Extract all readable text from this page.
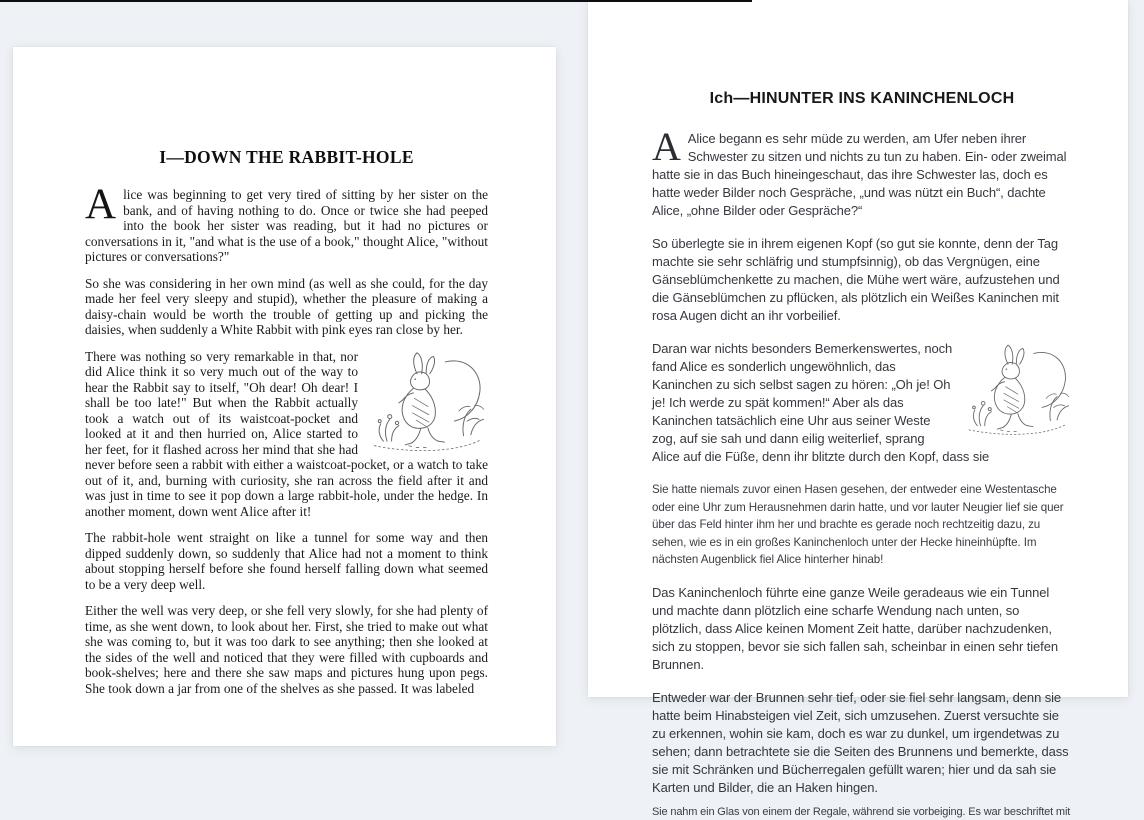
I—DOWN THE RABBIT-HOLE

Alice was beginning to get very tired of sitting by her sister on the bank, and of having nothing to do. Once or twice she had peeped into the book her sister was reading, but it had no pictures or conversations in it, "and what is the use of a book," thought Alice, "without pictures or conversations?"

So she was considering in her own mind (as well as she could, for the day made her feel very sleepy and stupid), whether the pleasure of making a daisy-chain would be worth the trouble of getting up and picking the daisies, when suddenly a White Rabbit with pink eyes ran close by her.

There was nothing so very remarkable in that, nor did Alice think it so very much out of the way to hear the Rabbit say to itself, "Oh dear! Oh dear! I shall be too late!" But when the Rabbit actually took a watch out of its waistcoat-pocket and looked at it and then hurried on, Alice started to her feet, for it flashed across her mind that she had never before seen a rabbit with either a waistcoat-pocket, or a watch to take out of it, and, burning with curiosity, she ran across the field after it and was just in time to see it pop down a large rabbit-hole, under the hedge. In another moment, down went Alice after it!

The rabbit-hole went straight on like a tunnel for some way and then dipped suddenly down, so suddenly that Alice had not a moment to think about stopping herself before she found herself falling down what seemed to be a very deep well.

Either the well was very deep, or she fell very slowly, for she had plenty of time, as she went down, to look about her. First, she tried to make out what she was coming to, but it was too dark to see anything; then she looked at the sides of the well and noticed that they were filled with cupboards and book-shelves; here and there she saw maps and pictures hung upon pegs. She took down a jar from one of the shelves as she passed. It was labeled

Ich—HINUNTER INS KANINCHENLOCH

A Alice begann es sehr müde zu werden, am Ufer neben ihrer Schwester zu sitzen und nichts zu tun zu haben. Ein- oder zweimal hatte sie in das Buch hineingeschaut, das ihre Schwester las, doch es hatte weder Bilder noch Gespräche, „und was nützt ein Buch“, dachte Alice, „ohne Bilder oder Gespräche?“

So überlegte sie in ihrem eigenen Kopf (so gut sie konnte, denn der Tag machte sie sehr schläfrig und stumpfsinnig), ob das Vergnügen, eine Gänseblümchenkette zu machen, die Mühe wert wäre, aufzustehen und die Gänseblümchen zu pflücken, als plötzlich ein Weißes Kaninchen mit rosa Augen dicht an ihr vorbeilief.

Daran war nichts besonders Bemerkenswertes, noch fand Alice es sonderlich ungewöhnlich, das Kaninchen zu sich selbst sagen zu hören: „Oh je! Oh je! Ich werde zu spät kommen!“ Aber als das Kaninchen tatsächlich eine Uhr aus seiner Weste zog, auf sie sah und dann eilig weiterlief, sprang Alice auf die Füße, denn ihr blitzte durch den Kopf, dass sie

Sie hatte niemals zuvor einen Hasen gesehen, der entweder eine Westentasche oder eine Uhr zum Herausnehmen darin hatte, und vor lauter Neugier lief sie quer über das Feld hinter ihm her und brachte es gerade noch rechtzeitig dazu, zu sehen, wie es in ein großes Kaninchenloch unter der Hecke hineinhüpfte. Im nächsten Augenblick fiel Alice hinterher hinab!

Das Kaninchenloch führte eine ganze Weile geradeaus wie ein Tunnel und machte dann plötzlich eine scharfe Wendung nach unten, so plötzlich, dass Alice keinen Moment Zeit hatte, darüber nachzudenken, sich zu stoppen, bevor sie sich fallen sah, scheinbar in einen sehr tiefen Brunnen.

Entweder war der Brunnen sehr tief, oder sie fiel sehr langsam, denn sie hatte beim Hinabsteigen viel Zeit, sich umzusehen. Zuerst versuchte sie zu erkennen, wohin sie kam, doch es war zu dunkel, um irgendetwas zu sehen; dann betrachtete sie die Seiten des Brunnens und bemerkte, dass sie mit Schränken und Bücherregalen gefüllt waren; hier und da sah sie Karten und Bilder, die an Haken hingen.

Sie nahm ein Glas von einem der Regale, während sie vorbeiging. Es war beschriftet mit
